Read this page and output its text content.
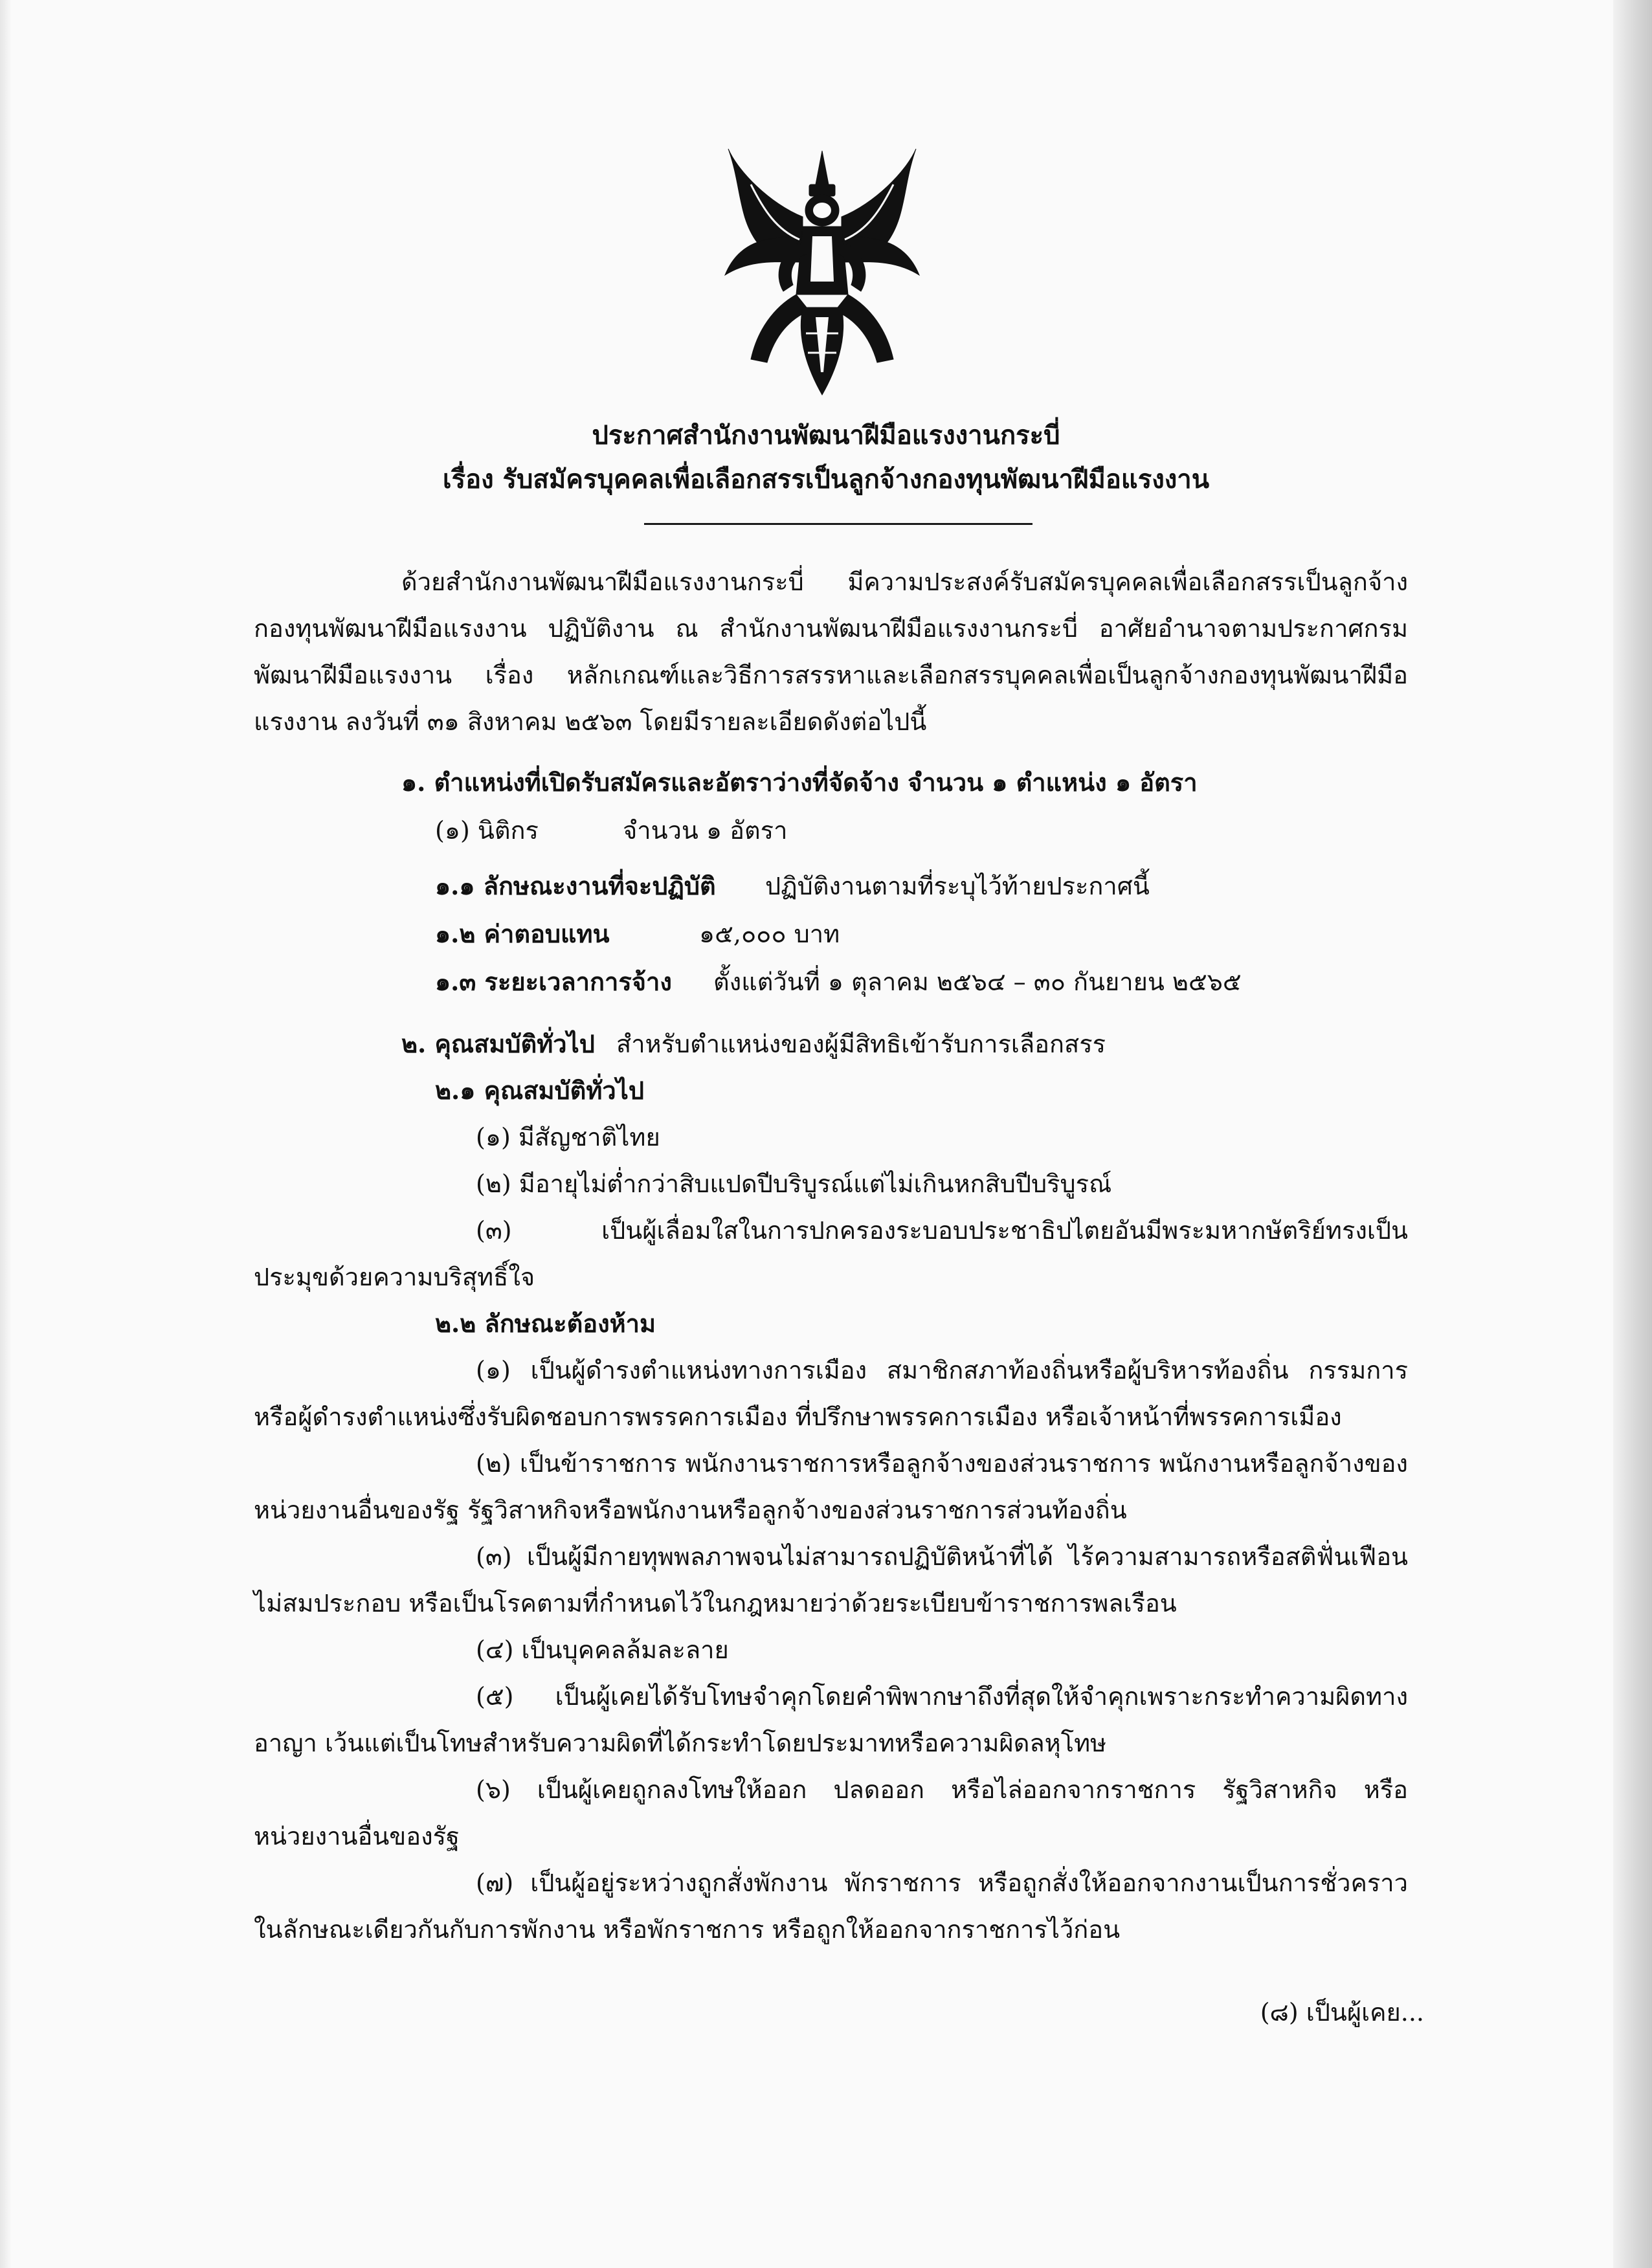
ประกาศสำนักงานพัฒนาฝีมือแรงงานกระบี่
เรื่อง รับสมัครบุคคลเพื่อเลือกสรรเป็นลูกจ้างกองทุนพัฒนาฝีมือแรงงาน
ด้วยสำนักงานพัฒนาฝีมือแรงงานกระบี่ มีความประสงค์รับสมัครบุคคลเพื่อเลือกสรรเป็นลูกจ้าง
กองทุนพัฒนาฝีมือแรงงาน ปฏิบัติงาน ณ สำนักงานพัฒนาฝีมือแรงงานกระบี่ อาศัยอำนาจตามประกาศกรม
พัฒนาฝีมือแรงงาน เรื่อง หลักเกณฑ์และวิธีการสรรหาและเลือกสรรบุคคลเพื่อเป็นลูกจ้างกองทุนพัฒนาฝีมือ
แรงงาน ลงวันที่ ๓๑ สิงหาคม ๒๕๖๓ โดยมีรายละเอียดดังต่อไปนี้
๑. ตำแหน่งที่เปิดรับสมัครและอัตราว่างที่จัดจ้าง จำนวน ๑ ตำแหน่ง ๑ อัตรา
(๑) นิติกร	จำนวน ๑ อัตรา
๑.๑ ลักษณะงานที่จะปฏิบัติ ปฏิบัติงานตามที่ระบุไว้ท้ายประกาศนี้
๑.๒ ค่าตอบแทน	๑๕,๐๐๐ บาท
๑.๓ ระยะเวลาการจ้าง ตั้งแต่วันที่ ๑ ตุลาคม ๒๕๖๔ – ๓๐ กันยายน ๒๕๖๕
๒. คุณสมบัติทั่วไป สำหรับตำแหน่งของผู้มีสิทธิเข้ารับการเลือกสรร
๒.๑ คุณสมบัติทั่วไป
(๑) มีสัญชาติไทย
(๒) มีอายุไม่ต่ำกว่าสิบแปดปีบริบูรณ์แต่ไม่เกินหกสิบปีบริบูรณ์
(๓) เป็นผู้เลื่อมใสในการปกครองระบอบประชาธิปไตยอันมีพระมหากษัตริย์ทรงเป็น
ประมุขด้วยความบริสุทธิ์ใจ
๒.๒ ลักษณะต้องห้าม
(๑) เป็นผู้ดำรงตำแหน่งทางการเมือง สมาชิกสภาท้องถิ่นหรือผู้บริหารท้องถิ่น กรรมการ
หรือผู้ดำรงตำแหน่งซึ่งรับผิดชอบการพรรคการเมือง ที่ปรึกษาพรรคการเมือง หรือเจ้าหน้าที่พรรคการเมือง
(๒) เป็นข้าราชการ พนักงานราชการหรือลูกจ้างของส่วนราชการ พนักงานหรือลูกจ้างของ
หน่วยงานอื่นของรัฐ รัฐวิสาหกิจหรือพนักงานหรือลูกจ้างของส่วนราชการส่วนท้องถิ่น
(๓) เป็นผู้มีกายทุพพลภาพจนไม่สามารถปฏิบัติหน้าที่ได้ ไร้ความสามารถหรือสติฟั่นเฟือน
ไม่สมประกอบ หรือเป็นโรคตามที่กำหนดไว้ในกฎหมายว่าด้วยระเบียบข้าราชการพลเรือน
(๔) เป็นบุคคลล้มละลาย
(๕) เป็นผู้เคยได้รับโทษจำคุกโดยคำพิพากษาถึงที่สุดให้จำคุกเพราะกระทำความผิดทาง
อาญา เว้นแต่เป็นโทษสำหรับความผิดที่ได้กระทำโดยประมาทหรือความผิดลหุโทษ
(๖) เป็นผู้เคยถูกลงโทษให้ออก ปลดออก หรือไล่ออกจากราชการ รัฐวิสาหกิจ หรือ
หน่วยงานอื่นของรัฐ
(๗) เป็นผู้อยู่ระหว่างถูกสั่งพักงาน พักราชการ หรือถูกสั่งให้ออกจากงานเป็นการชั่วคราว
ในลักษณะเดียวกันกับการพักงาน หรือพักราชการ หรือถูกให้ออกจากราชการไว้ก่อน
(๘) เป็นผู้เคย...
